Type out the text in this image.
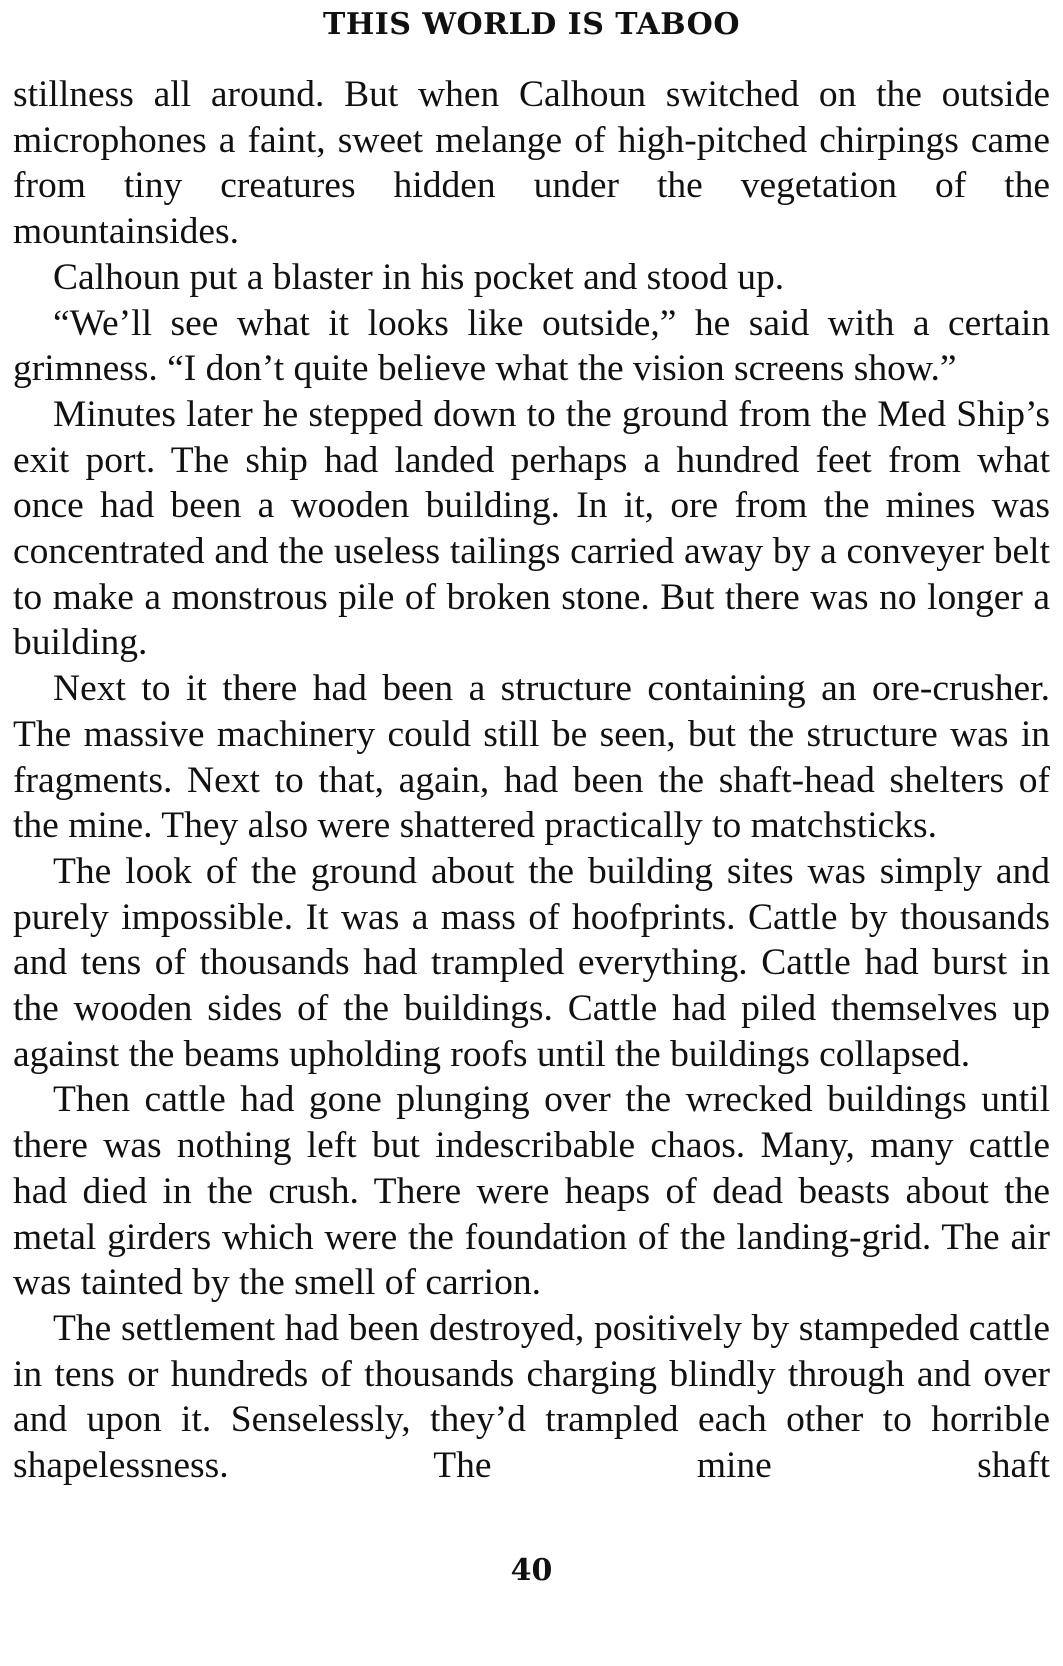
THIS WORLD IS TABOO

stillness all around. But when Calhoun switched on the outside microphones a faint, sweet melange of high-pitched chirpings came from tiny creatures hidden under the vegetation of the mountainsides.

Calhoun put a blaster in his pocket and stood up.

“We’ll see what it looks like outside,” he said with a certain grimness. “I don’t quite believe what the vision screens show.”

Minutes later he stepped down to the ground from the Med Ship’s exit port. The ship had landed perhaps a hundred feet from what once had been a wooden building. In it, ore from the mines was concentrated and the useless tailings carried away by a conveyer belt to make a monstrous pile of broken stone. But there was no longer a building.

Next to it there had been a structure containing an ore-crusher. The massive machinery could still be seen, but the structure was in fragments. Next to that, again, had been the shaft-head shelters of the mine. They also were shattered practically to matchsticks.

The look of the ground about the building sites was simply and purely impossible. It was a mass of hoofprints. Cattle by thousands and tens of thousands had trampled everything. Cattle had burst in the wooden sides of the buildings. Cattle had piled themselves up against the beams upholding roofs until the buildings collapsed.

Then cattle had gone plunging over the wrecked buildings until there was nothing left but indescribable chaos. Many, many cattle had died in the crush. There were heaps of dead beasts about the metal girders which were the foundation of the landing-grid. The air was tainted by the smell of carrion.

The settlement had been destroyed, positively by stampeded cattle in tens or hundreds of thousands charging blindly through and over and upon it. Senselessly, they’d trampled each other to horrible shapelessness. The mine shaft

40
